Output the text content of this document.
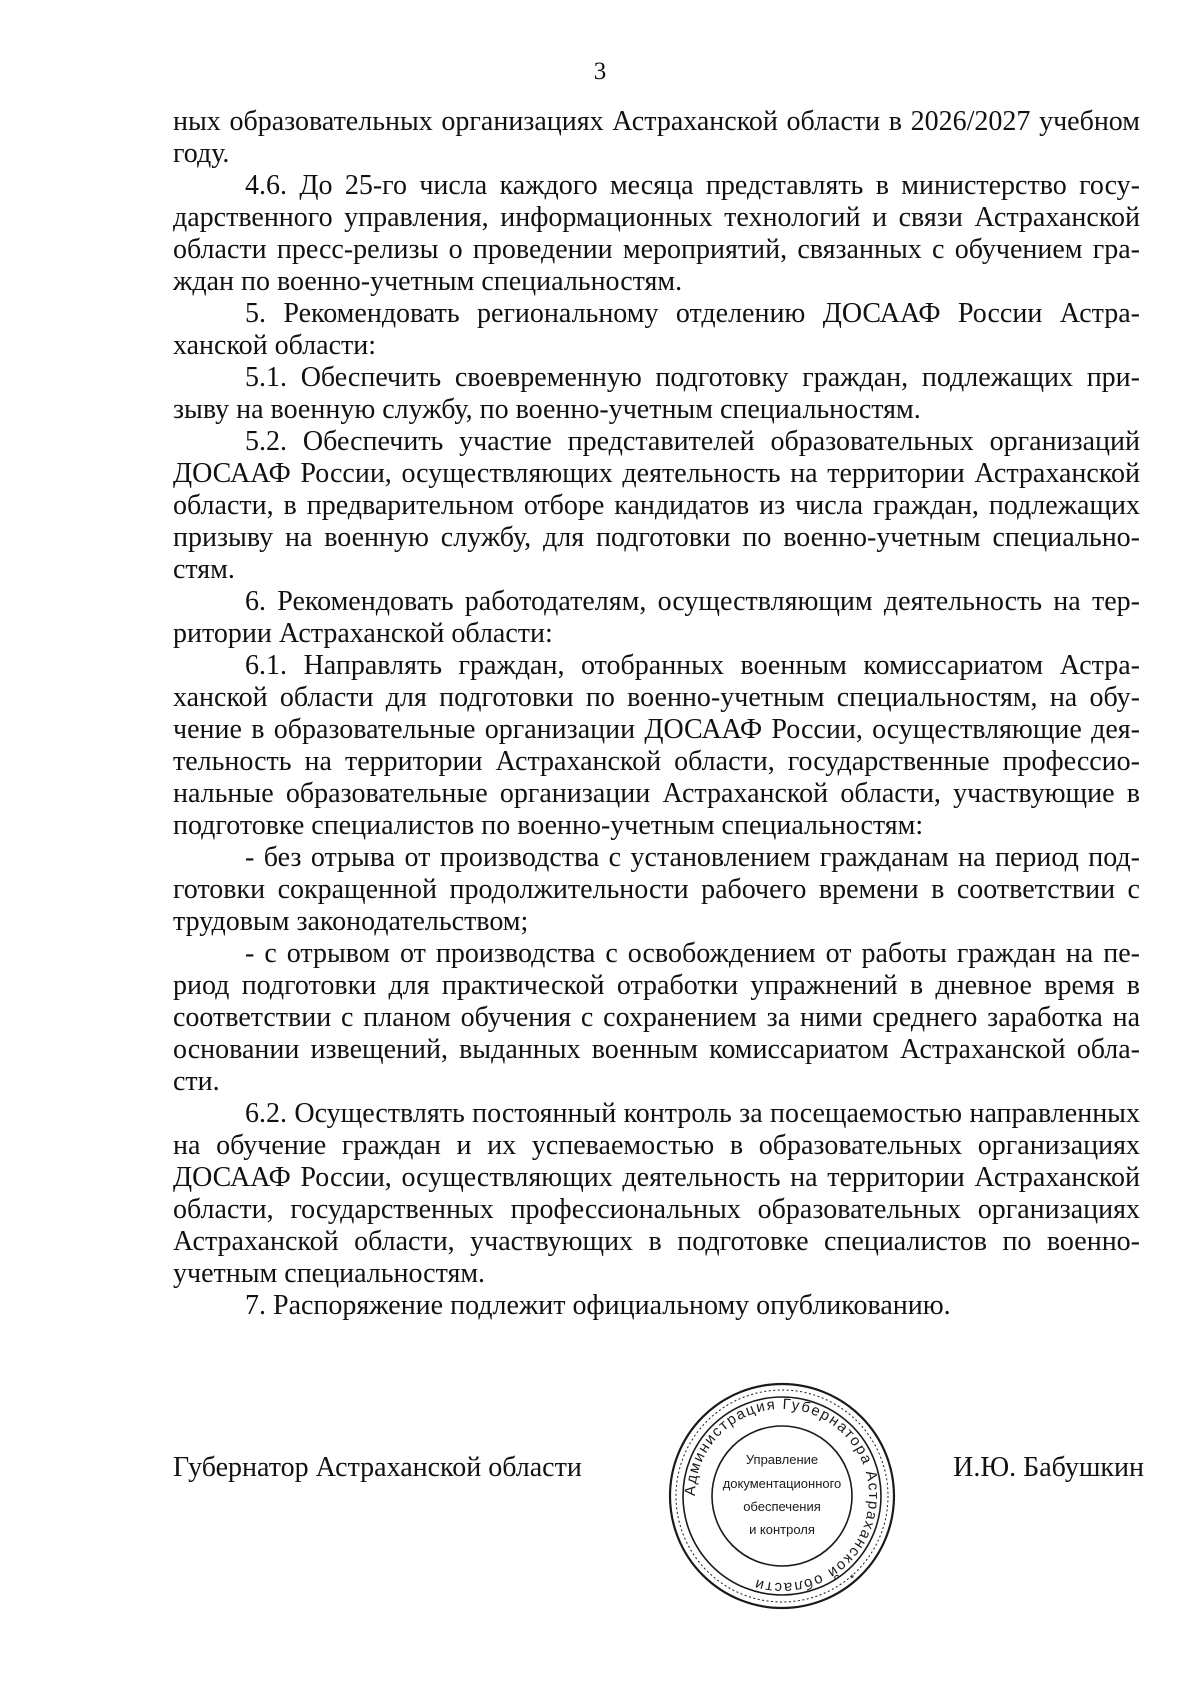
3

ных образовательных организациях Астраханской области в 2026/2027 учебном году.

4.6. До 25-го числа каждого месяца представлять в министерство государственного управления, информационных технологий и связи Астраханской области пресс-релизы о проведении мероприятий, связанных с обучением граждан по военно-учетным специальностям.

5. Рекомендовать региональному отделению ДОСААФ России Астраханской области:

5.1. Обеспечить своевременную подготовку граждан, подлежащих призыву на военную службу, по военно-учетным специальностям.

5.2. Обеспечить участие представителей образовательных организаций ДОСААФ России, осуществляющих деятельность на территории Астраханской области, в предварительном отборе кандидатов из числа граждан, подлежащих призыву на военную службу, для подготовки по военно-учетным специальностям.

6. Рекомендовать работодателям, осуществляющим деятельность на территории Астраханской области:

6.1. Направлять граждан, отобранных военным комиссариатом Астраханской области для подготовки по военно-учетным специальностям, на обучение в образовательные организации ДОСААФ России, осуществляющие деятельность на территории Астраханской области, государственные профессиональные образовательные организации Астраханской области, участвующие в подготовке специалистов по военно-учетным специальностям:

- без отрыва от производства с установлением гражданам на период подготовки сокращенной продолжительности рабочего времени в соответствии с трудовым законодательством;

- с отрывом от производства с освобождением от работы граждан на период подготовки для практической отработки упражнений в дневное время в соответствии с планом обучения с сохранением за ними среднего заработка на основании извещений, выданных военным комиссариатом Астраханской области.

6.2. Осуществлять постоянный контроль за посещаемостью направленных на обучение граждан и их успеваемостью в образовательных организациях ДОСААФ России, осуществляющих деятельность на территории Астраханской области, государственных профессиональных образовательных организациях Астраханской области, участвующих в подготовке специалистов по военно-учетным специальностям.

7. Распоряжение подлежит официальному опубликованию.

Губернатор Астраханской области
Администрация Губернатора Астраханской области	*
Управление
документационного
обеспечения
и контроля
И.Ю. Бабушкин
